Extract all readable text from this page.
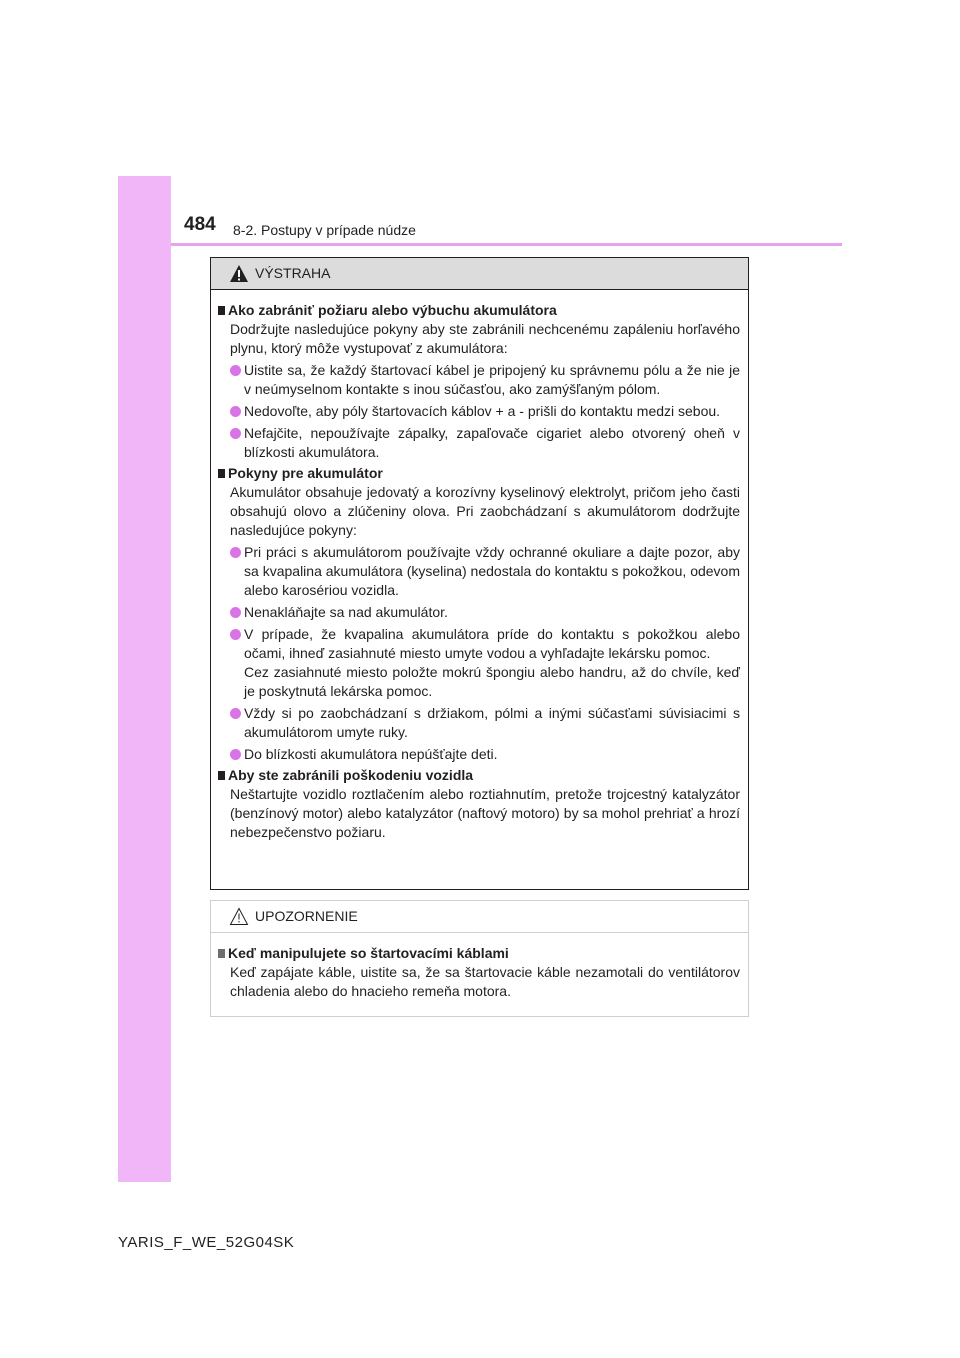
484 8-2. Postupy v prípade núdze
VÝSTRAHA
Ako zabrániť požiaru alebo výbuchu akumulátora
Dodržujte nasledujúce pokyny aby ste zabránili nechcenému zapáleniu horľavého plynu, ktorý môže vystupovať z akumulátora:
Uistite sa, že každý štartovací kábel je pripojený ku správnemu pólu a že nie je v neúmyselnom kontakte s inou súčasťou, ako zamýšľaným pólom.
Nedovoľte, aby póly štartovacích káblov + a - prišli do kontaktu medzi sebou.
Nefajčite, nepoužívajte zápalky, zapaľovače cigariet alebo otvorený oheň v blízkosti akumulátora.
Pokyny pre akumulátor
Akumulátor obsahuje jedovatý a korozívny kyselinový elektrolyt, pričom jeho časti obsahujú olovo a zlúčeniny olova. Pri zaobchádzaní s akumulátorom dodržujte nasledujúce pokyny:
Pri práci s akumulátorom používajte vždy ochranné okuliare a dajte pozor, aby sa kvapalina akumulátora (kyselina) nedostala do kontaktu s pokožkou, odevom alebo karosériou vozidla.
Nenakláňajte sa nad akumulátor.
V prípade, že kvapalina akumulátora príde do kontaktu s pokožkou alebo očami, ihneď zasiahnuté miesto umyte vodou a vyhľadajte lekársku pomoc.
Cez zasiahnuté miesto položte mokrú špongiu alebo handru, až do chvíle, keď je poskytnutá lekárska pomoc.
Vždy si po zaobchádzaní s držiakom, pólmi a inými súčasťami súvisiacimi s akumulátorom umyte ruky.
Do blízkosti akumulátora nepúšťajte deti.
Aby ste zabránili poškodeniu vozidla
Neštartujte vozidlo roztlačením alebo roztiahnutím, pretože trojcestný katalyzátor (benzínový motor) alebo katalyzátor (naftový motoro) by sa mohol prehriať a hrozí nebezpečenstvo požiaru.
UPOZORNENIE
Keď manipulujete so štartovacími káblami
Keď zapájate káble, uistite sa, že sa štartovacie káble nezamotali do ventilátorov chladenia alebo do hnacieho remeňa motora.
YARIS_F_WE_52G04SK
